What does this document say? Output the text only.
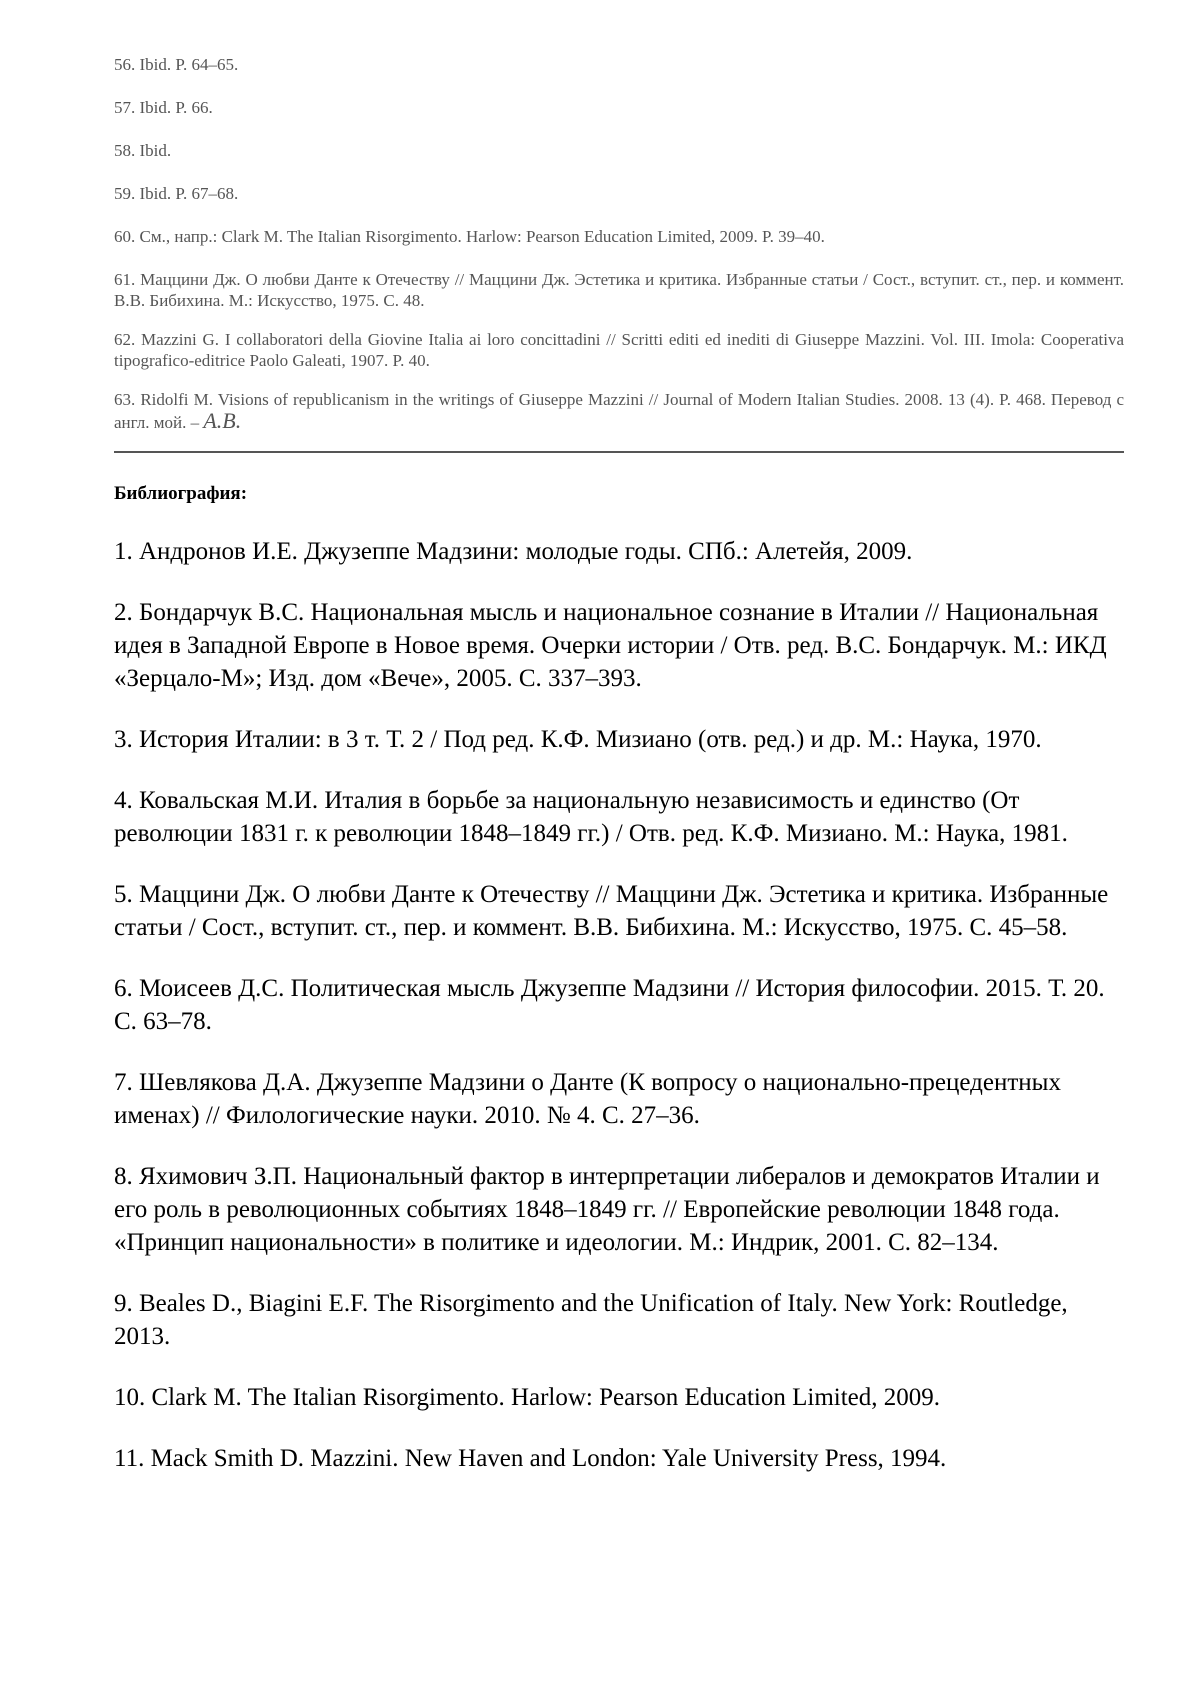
56. Ibid. P. 64–65.

57. Ibid. P. 66.

58. Ibid.

59. Ibid. P. 67–68.

60. См., напр.: Clark M. The Italian Risorgimento. Harlow: Pearson Education Limited, 2009. P. 39–40.

61. Маццини Дж. О любви Данте к Отечеству // Маццини Дж. Эстетика и критика. Избранные статьи / Сост., вступит. ст., пер. и коммент. В.В. Бибихина. М.: Искусство, 1975. С. 48.

62. Mazzini G. I collaboratori della Giovine Italia ai loro concittadini // Scritti editi ed inediti di Giuseppe Mazzini. Vol. III. Imola: Cooperativa tipografico-editrice Paolo Galeati, 1907. P. 40.

63. Ridolfi M. Visions of republicanism in the writings of Giuseppe Mazzini // Journal of Modern Italian Studies. 2008. 13 (4). P. 468. Перевод с англ. мой. – А.В.

Библиография:

1. Андронов И.Е. Джузеппе Мадзини: молодые годы. СПб.: Алетейя, 2009.

2. Бондарчук В.С. Национальная мысль и национальное сознание в Италии // Национальная идея в Западной Европе в Новое время. Очерки истории / Отв. ред. В.С. Бондарчук. М.: ИКД «Зерцало-М»; Изд. дом «Вече», 2005. С. 337–393.

3. История Италии: в 3 т. Т. 2 / Под ред. К.Ф. Мизиано (отв. ред.) и др. М.: Наука, 1970.

4. Ковальская М.И. Италия в борьбе за национальную независимость и единство (От революции 1831 г. к революции 1848–1849 гг.) / Отв. ред. К.Ф. Мизиано. М.: Наука, 1981.

5. Маццини Дж. О любви Данте к Отечеству // Маццини Дж. Эстетика и критика. Избранные статьи / Сост., вступит. ст., пер. и коммент. В.В. Бибихина. М.: Искусство, 1975. С. 45–58.

6. Моисеев Д.С. Политическая мысль Джузеппе Мадзини // История философии. 2015. Т. 20. С. 63–78.

7. Шевлякова Д.А. Джузеппе Мадзини о Данте (К вопросу о национально-прецедентных именах) // Филологические науки. 2010. № 4. С. 27–36.

8. Яхимович З.П. Национальный фактор в интерпретации либералов и демократов Италии и его роль в революционных событиях 1848–1849 гг. // Европейские революции 1848 года. «Принцип национальности» в политике и идеологии. М.: Индрик, 2001. С. 82–134.

9. Beales D., Biagini E.F. The Risorgimento and the Unification of Italy. New York: Routledge, 2013.

10. Clark M. The Italian Risorgimento. Harlow: Pearson Education Limited, 2009.

11. Mack Smith D. Mazzini. New Haven and London: Yale University Press, 1994.
